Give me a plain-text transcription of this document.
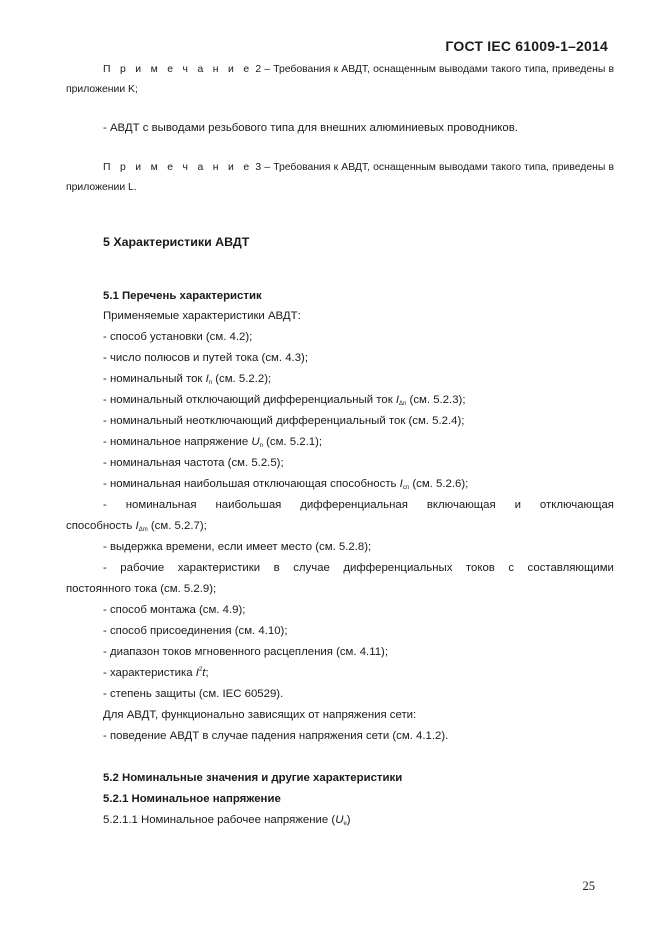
ГОСТ IEC 61009-1–2014
П р и м е ч а н и е 2 – Требования к АВДТ, оснащенным выводами такого типа, приведены в
приложении K;
- АВДТ с выводами резьбового типа для внешних алюминиевых проводников.
П р и м е ч а н и е 3 – Требования к АВДТ, оснащенным выводами такого типа, приведены в
приложении L.
5 Характеристики АВДТ
5.1 Перечень характеристик
Применяемые характеристики АВДТ:
- способ установки (см. 4.2);
- число полюсов и путей тока (см. 4.3);
- номинальный ток In (см. 5.2.2);
- номинальный отключающий дифференциальный ток IΔn (см. 5.2.3);
- номинальный неотключающий дифференциальный ток (см. 5.2.4);
- номинальное напряжение Un (см. 5.2.1);
- номинальная частота (см. 5.2.5);
- номинальная наибольшая отключающая способность Icn (см. 5.2.6);
- номинальная наибольшая дифференциальная включающая и отключающая
способность IΔm (см. 5.2.7);
- выдержка времени, если имеет место (см. 5.2.8);
- рабочие характеристики в случае дифференциальных токов с составляющими
постоянного тока (см. 5.2.9);
- способ монтажа (см. 4.9);
- способ присоединения (см. 4.10);
- диапазон токов мгновенного расцепления (см. 4.11);
- характеристика $I^2t$;
- степень защиты (см. IEC 60529).
Для АВДТ, функционально зависящих от напряжения сети:
- поведение АВДТ в случае падения напряжения сети (см. 4.1.2).
5.2 Номинальные значения и другие характеристики
5.2.1 Номинальное напряжение
5.2.1.1 Номинальное рабочее напряжение (Ue)
25
